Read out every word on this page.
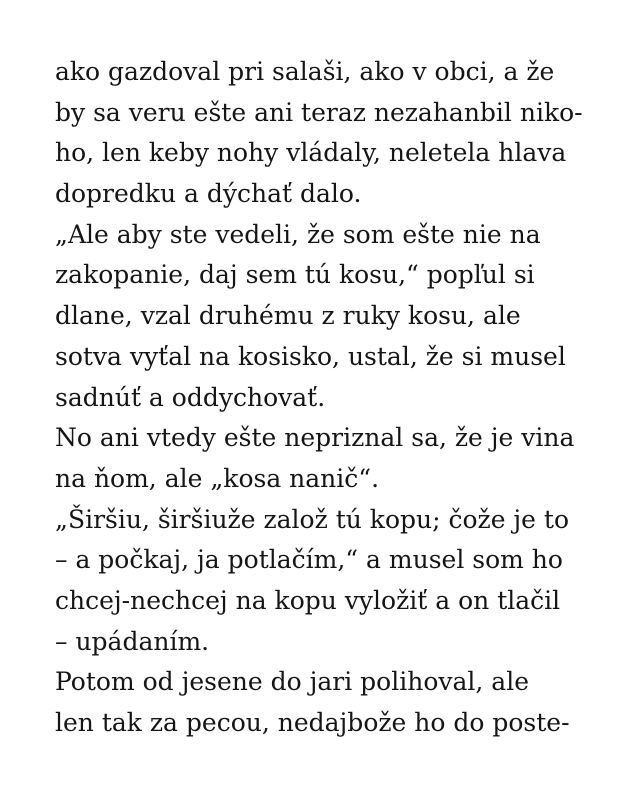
ako gazdoval pri salaši, ako v obci, a že
by sa veru ešte ani teraz nezahanbil niko-
ho, len keby nohy vládaly, neletela hlava
dopredku a dýchať dalo.
„Ale aby ste vedeli, že som ešte nie na
zakopanie, daj sem tú kosu,“ popľul si
dlane, vzal druhému z ruky kosu, ale
sotva vyťal na kosisko, ustal, že si musel
sadnúť a oddychovať.
No ani vtedy ešte nepriznal sa, že je vina
na ňom, ale „kosa nanič“.
„Širšiu, širšiuže založ tú kopu; čože je to
– a počkaj, ja potlačím,“ a musel som ho
chcej-nechcej na kopu vyložiť a on tlačil
– upádaním.
Potom od jesene do jari polihoval, ale
len tak za pecou, nedajbože ho do poste-
